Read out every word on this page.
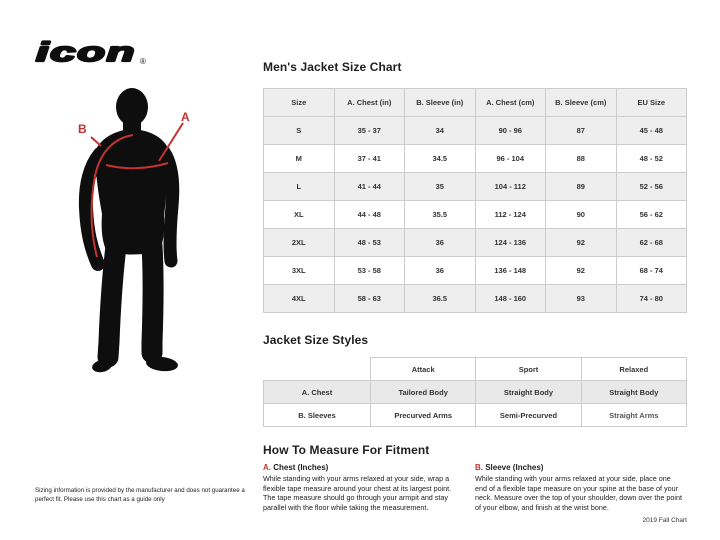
icon ®
A
B
Men's Jacket Size Chart
Size	A. Chest (in)	B. Sleeve (in)	A. Chest (cm)	B. Sleeve (cm)	EU Size
S	35 - 37	34	90 - 96	87	45 - 48
M	37 - 41	34.5	96 - 104	88	48 - 52
L	41 - 44	35	104 - 112	89	52 - 56
XL	44 - 48	35.5	112 - 124	90	56 - 62
2XL	48 - 53	36	124 - 136	92	62 - 68
3XL	53 - 58	36	136 - 148	92	68 - 74
4XL	58 - 63	36.5	148 - 160	93	74 - 80
Jacket Size Styles
	Attack	Sport	Relaxed
A. Chest	Tailored Body	Straight Body	Straight Body
B. Sleeves	Precurved Arms	Semi-Precurved	Straight Arms
How To Measure For Fitment

A. Chest (Inches)

While standing with your arms relaxed at your side, wrap a flexible tape measure around your chest at its largest point. The tape measure should go through your armpit and stay parallel with the floor while taking the measurement.

B. Sleeve (Inches)

While standing with your arms relaxed at your side, place one end of a flexible tape measure on your spine at the base of your neck. Measure over the top of your shoulder, down over the point of your elbow, and finish at the wrist bone.

Sizing information is provided by the manufacturer and does not guarantee a perfect fit. Please use this chart as a guide only
2019 Fall Chart
